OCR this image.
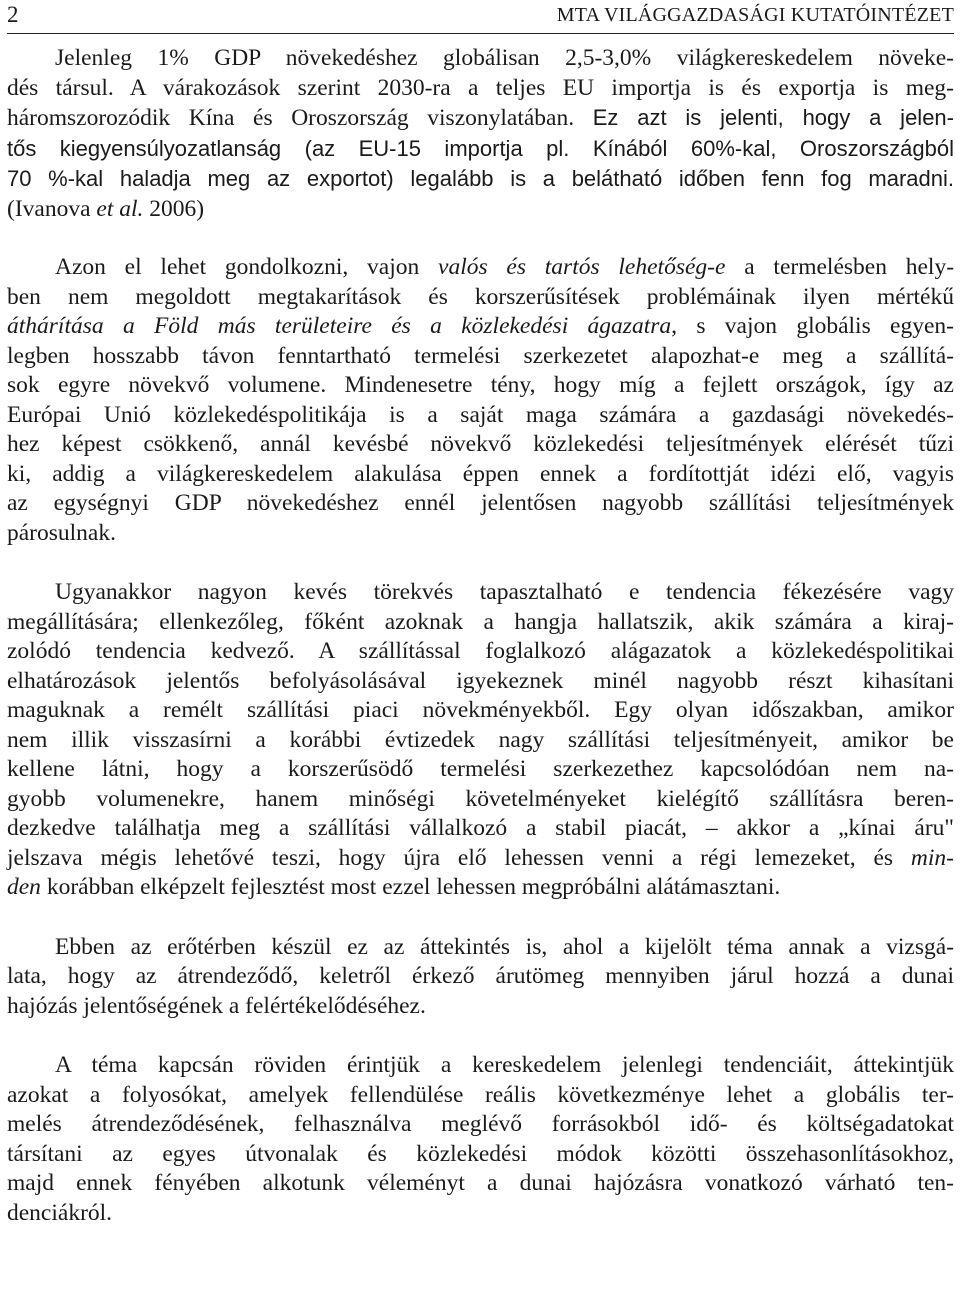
2	MTA VILÁGGAZDASÁGI KUTATÓINTÉZET

Jelenleg 1% GDP növekedéshez globálisan 2,5-3,0% világkereskedelem növeke-
dés társul. A várakozások szerint 2030-ra a teljes EU importja is és exportja is meg-
háromszorozódik Kína és Oroszország viszonylatában. Ez azt is jelenti, hogy a jelen-
tős kiegyensúlyozatlanság (az EU-15 importja pl. Kínából 60%-kal, Oroszországból
70 %-kal haladja meg az exportot) legalább is a belátható időben fenn fog maradni.
(Ivanova et al. 2006)

Azon el lehet gondolkozni, vajon valós és tartós lehetőség-e a termelésben hely-
ben nem megoldott megtakarítások és korszerűsítések problémáinak ilyen mértékű
áthárítása a Föld más területeire és a közlekedési ágazatra, s vajon globális egyen-
legben hosszabb távon fenntartható termelési szerkezetet alapozhat-e meg a szállítá-
sok egyre növekvő volumene. Mindenesetre tény, hogy míg a fejlett országok, így az
Európai Unió közlekedéspolitikája is a saját maga számára a gazdasági növekedés-
hez képest csökkenő, annál kevésbé növekvő közlekedési teljesítmények elérését tűzi
ki, addig a világkereskedelem alakulása éppen ennek a fordítottját idézi elő, vagyis
az egységnyi GDP növekedéshez ennél jelentősen nagyobb szállítási teljesítmények
párosulnak.

Ugyanakkor nagyon kevés törekvés tapasztalható e tendencia fékezésére vagy
megállítására; ellenkezőleg, főként azoknak a hangja hallatszik, akik számára a kiraj-
zolódó tendencia kedvező. A szállítással foglalkozó alágazatok a közlekedéspolitikai
elhatározások jelentős befolyásolásával igyekeznek minél nagyobb részt kihasítani
maguknak a remélt szállítási piaci növekményekből. Egy olyan időszakban, amikor
nem illik visszasírni a korábbi évtizedek nagy szállítási teljesítményeit, amikor be
kellene látni, hogy a korszerűsödő termelési szerkezethez kapcsolódóan nem na-
gyobb volumenekre, hanem minőségi követelményeket kielégítő szállításra beren-
dezkedve találhatja meg a szállítási vállalkozó a stabil piacát, – akkor a „kínai áru"
jelszava mégis lehetővé teszi, hogy újra elő lehessen venni a régi lemezeket, és min-
den korábban elképzelt fejlesztést most ezzel lehessen megpróbálni alátámasztani.

Ebben az erőtérben készül ez az áttekintés is, ahol a kijelölt téma annak a vizsgá-
lata, hogy az átrendeződő, keletről érkező árutömeg mennyiben járul hozzá a dunai
hajózás jelentőségének a felértékelődéséhez.

A téma kapcsán röviden érintjük a kereskedelem jelenlegi tendenciáit, áttekintjük
azokat a folyosókat, amelyek fellendülése reális következménye lehet a globális ter-
melés átrendeződésének, felhasználva meglévő forrásokból idő- és költségadatokat
társítani az egyes útvonalak és közlekedési módok közötti összehasonlításokhoz,
majd ennek fényében alkotunk véleményt a dunai hajózásra vonatkozó várható ten-
denciákról.
